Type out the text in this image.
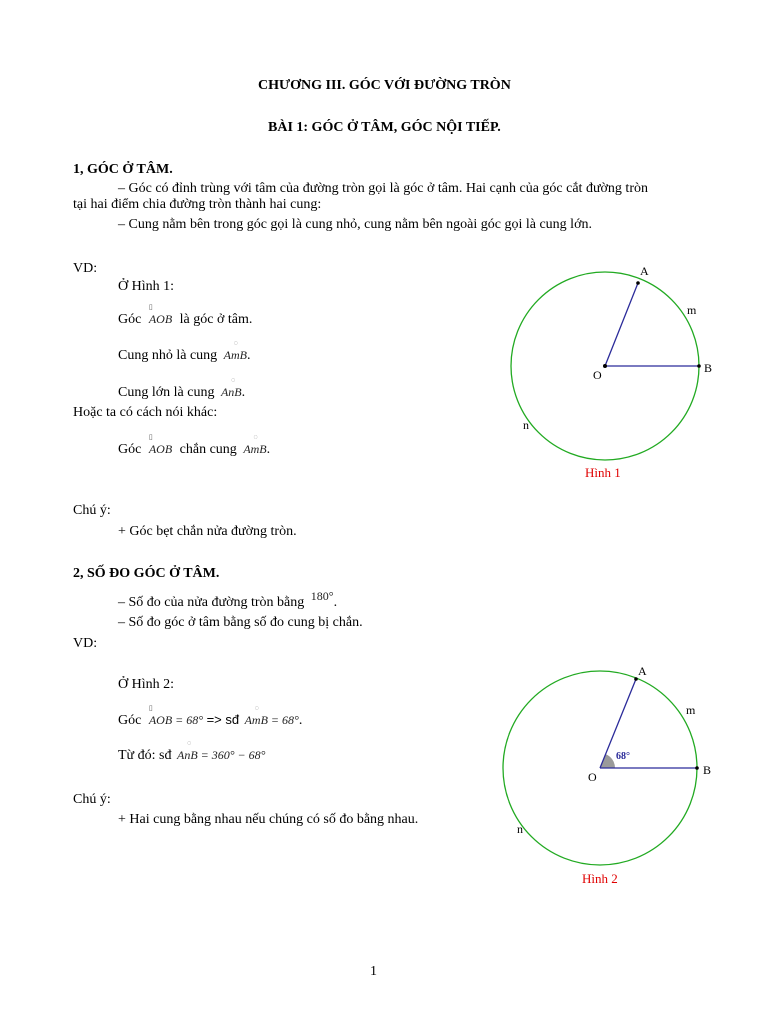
CHƯƠNG III. GÓC VỚI ĐƯỜNG TRÒN
BÀI 1: GÓC Ở TÂM, GÓC NỘI TIẾP.
1, GÓC Ở TÂM.
– Góc có đỉnh trùng với tâm của đường tròn gọi là góc ở tâm. Hai cạnh của góc cắt đường tròn
tại hai điểm chia đường tròn thành hai cung:
– Cung nằm bên trong góc gọi là cung nhỏ, cung nằm bên ngoài góc gọi là cung lớn.
VD:
Ở Hình 1:
Góc
▯
AOB là góc ở tâm.
Cung nhỏ là cung
◌
AmB.
Cung lớn là cung
◌
AnB.
Hoặc ta có cách nói khác:
Góc
▯
AOB chắn cung
◌
AmB.
Chú ý:
+ Góc bẹt chắn nửa đường tròn.
2, SỐ ĐO GÓC Ở TÂM.
– Số đo của nửa đường tròn bằng 180°.
– Số đo góc ở tâm bằng số đo cung bị chắn.
VD:
Ở Hình 2:
Góc
▯
AOB = 68° => sđ
◌
AmB = 68°.
Từ đó: sđ
◌
AnB = 360° − 68°
Chú ý:
+ Hai cung bằng nhau nếu chúng có số đo bằng nhau.
A
B
O
m
n
Hình 1
A
B
O
m
n
68°
Hình 2
1
